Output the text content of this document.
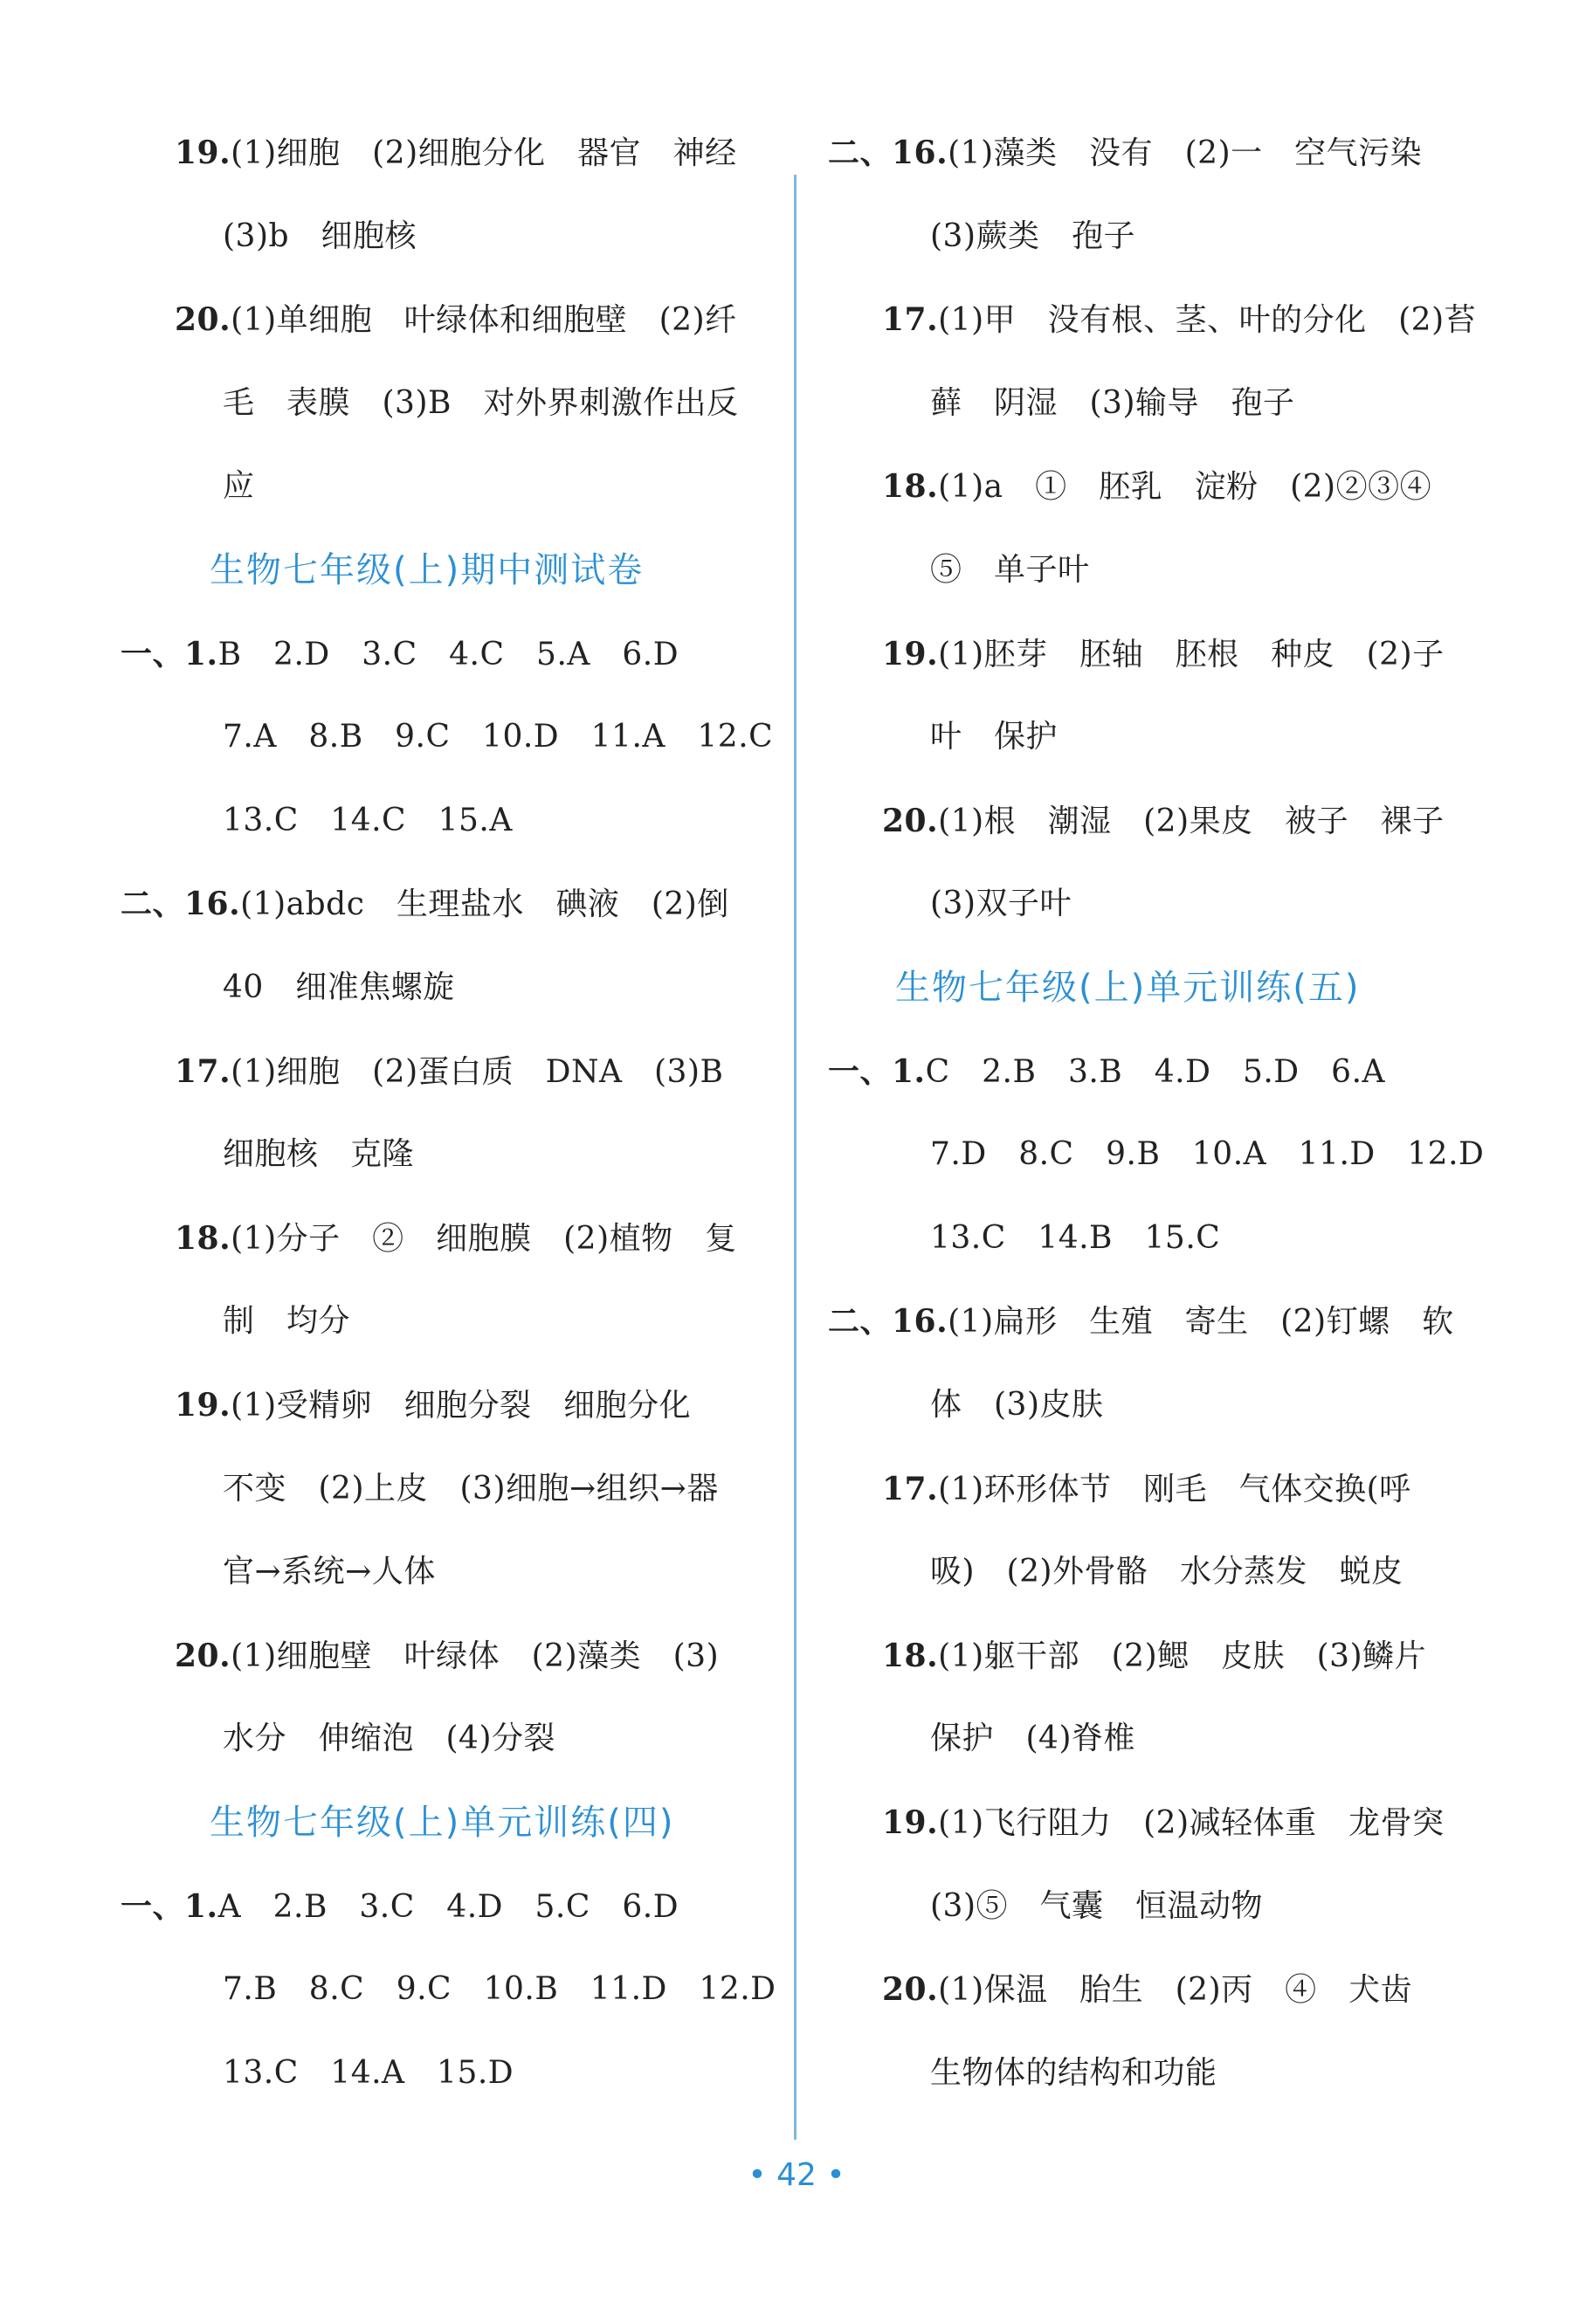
19.(1)细胞　(2)细胞分化　器官　神经
(3)b　细胞核
20.(1)单细胞　叶绿体和细胞壁　(2)纤
毛　表膜　(3)B　对外界刺激作出反
应
生物七年级(上)期中测试卷
一、1.B　2.D　3.C　4.C　5.A　6.D
7.A　8.B　9.C　10.D　11.A　12.C
13.C　14.C　15.A
二、16.(1)abdc　生理盐水　碘液　(2)倒
40　细准焦螺旋
17.(1)细胞　(2)蛋白质　DNA　(3)B
细胞核　克隆
18.(1)分子　②　细胞膜　(2)植物　复
制　均分
19.(1)受精卵　细胞分裂　细胞分化
不变　(2)上皮　(3)细胞→组织→器
官→系统→人体
20.(1)细胞壁　叶绿体　(2)藻类　(3)
水分　伸缩泡　(4)分裂
生物七年级(上)单元训练(四)
一、1.A　2.B　3.C　4.D　5.C　6.D
7.B　8.C　9.C　10.B　11.D　12.D
13.C　14.A　15.D
二、16.(1)藻类　没有　(2)一　空气污染
(3)蕨类　孢子
17.(1)甲　没有根、茎、叶的分化　(2)苔
藓　阴湿　(3)输导　孢子
18.(1)a　①　胚乳　淀粉　(2)②③④
⑤　单子叶
19.(1)胚芽　胚轴　胚根　种皮　(2)子
叶　保护
20.(1)根　潮湿　(2)果皮　被子　裸子
(3)双子叶
生物七年级(上)单元训练(五)
一、1.C　2.B　3.B　4.D　5.D　6.A
7.D　8.C　9.B　10.A　11.D　12.D
13.C　14.B　15.C
二、16.(1)扁形　生殖　寄生　(2)钉螺　软
体　(3)皮肤
17.(1)环形体节　刚毛　气体交换(呼
吸)　(2)外骨骼　水分蒸发　蜕皮
18.(1)躯干部　(2)鳃　皮肤　(3)鳞片
保护　(4)脊椎
19.(1)飞行阻力　(2)减轻体重　龙骨突
(3)⑤　气囊　恒温动物
20.(1)保温　胎生　(2)丙　④　犬齿
生物体的结构和功能
• 42 •
